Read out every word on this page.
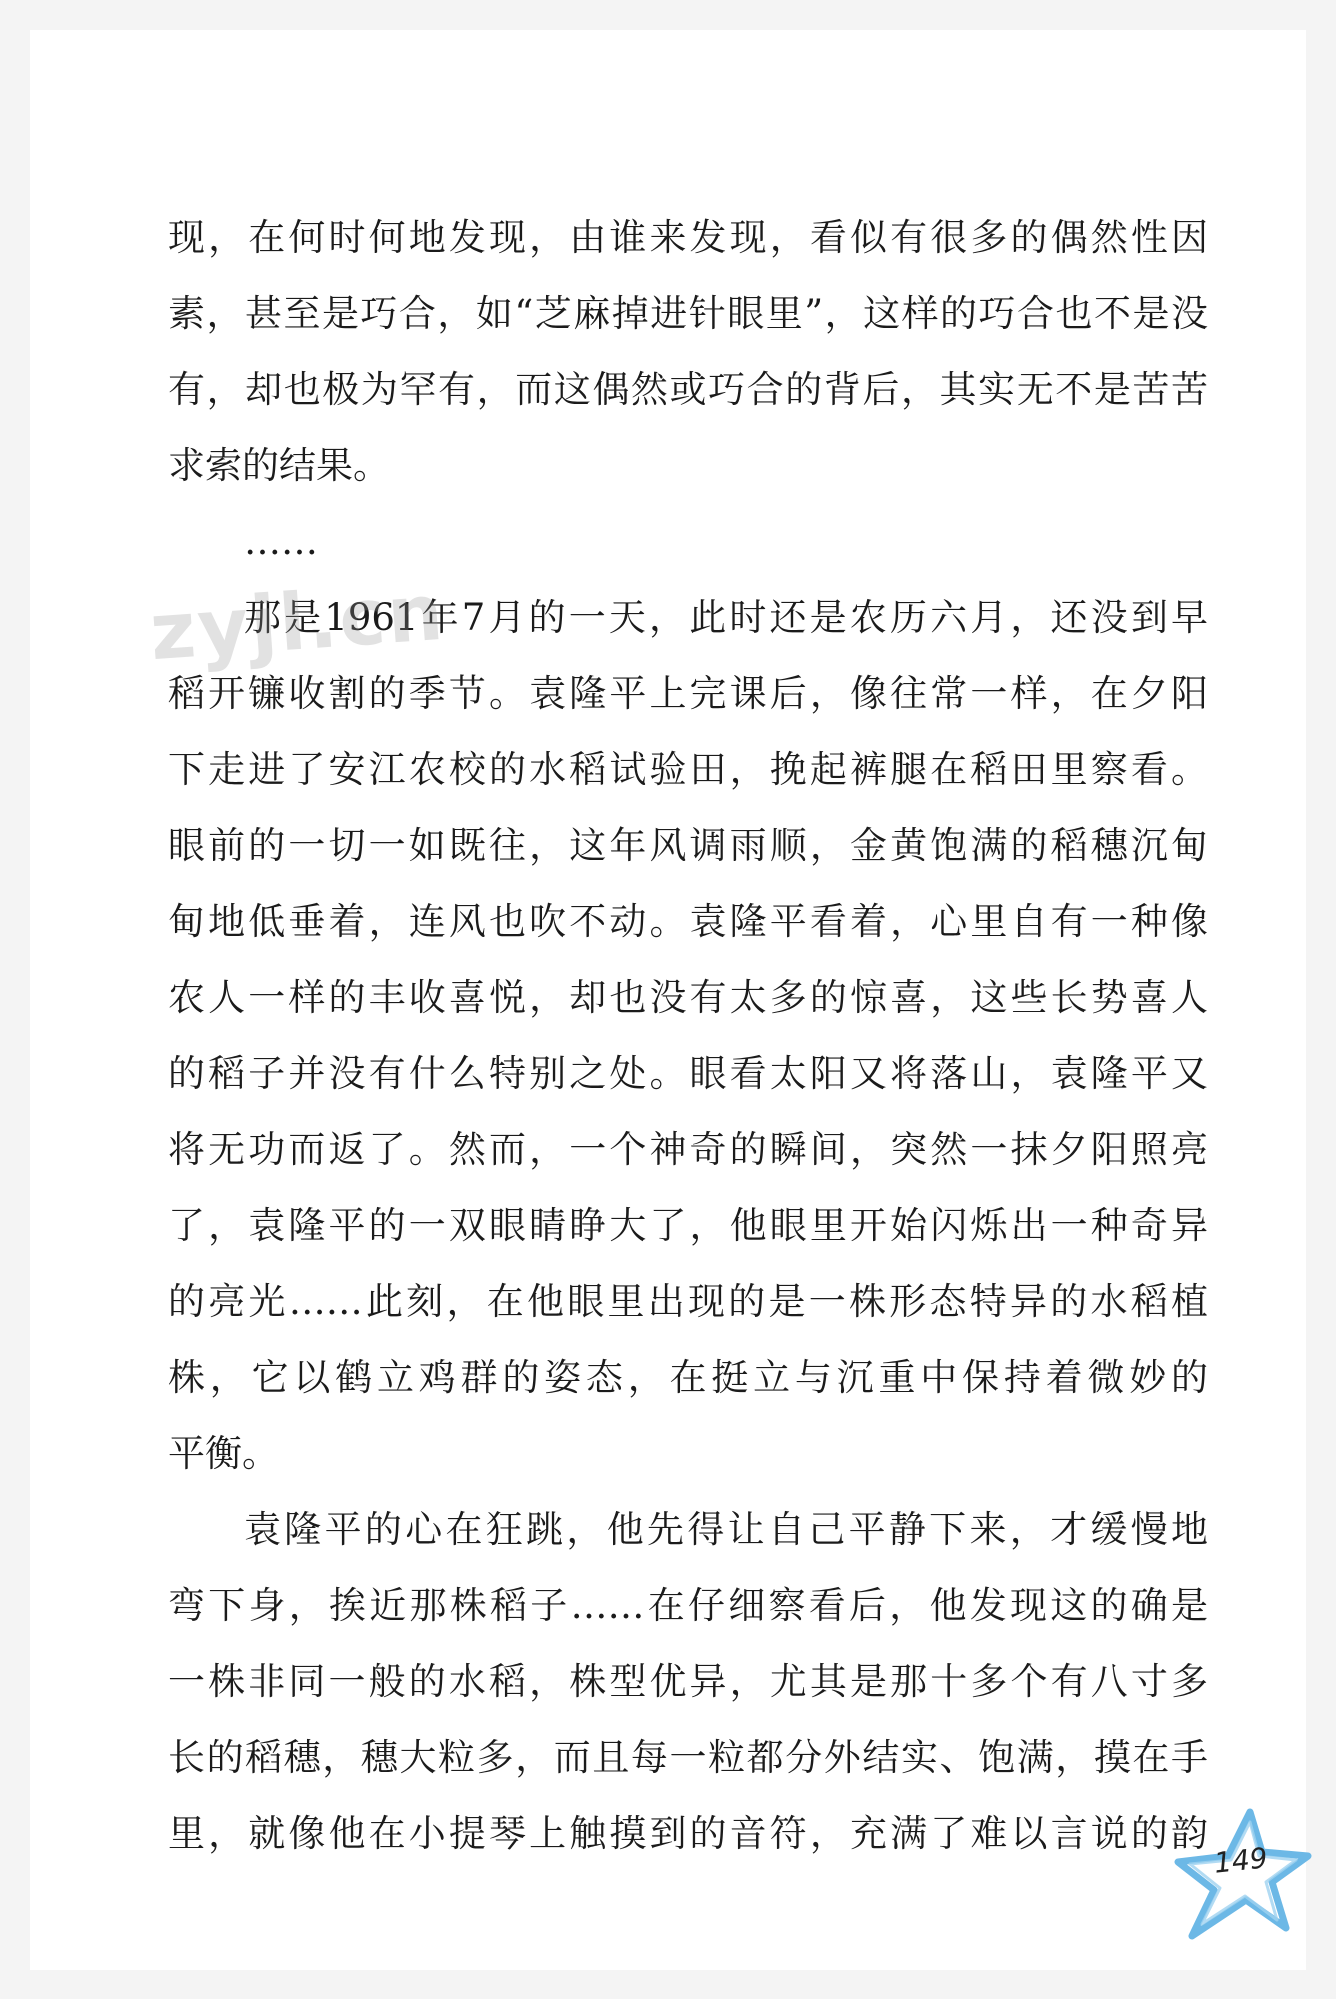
现，在何时何地发现，由谁来发现，看似有很多的偶然性因
素，甚至是巧合，如“芝麻掉进针眼里”，这样的巧合也不是没
有，却也极为罕有，而这偶然或巧合的背后，其实无不是苦苦
求索的结果。
……
那是1961年7月的一天，此时还是农历六月，还没到早
稻开镰收割的季节。袁隆平上完课后，像往常一样，在夕阳
下走进了安江农校的水稻试验田，挽起裤腿在稻田里察看。
眼前的一切一如既往，这年风调雨顺，金黄饱满的稻穗沉甸
甸地低垂着，连风也吹不动。袁隆平看着，心里自有一种像
农人一样的丰收喜悦，却也没有太多的惊喜，这些长势喜人
的稻子并没有什么特别之处。眼看太阳又将落山，袁隆平又
将无功而返了。然而，一个神奇的瞬间，突然一抹夕阳照亮
了，袁隆平的一双眼睛睁大了，他眼里开始闪烁出一种奇异
的亮光……此刻，在他眼里出现的是一株形态特异的水稻植
株，它以鹤立鸡群的姿态，在挺立与沉重中保持着微妙的
平衡。
袁隆平的心在狂跳，他先得让自己平静下来，才缓慢地
弯下身，挨近那株稻子……在仔细察看后，他发现这的确是
一株非同一般的水稻，株型优异，尤其是那十多个有八寸多
长的稻穗，穗大粒多，而且每一粒都分外结实、饱满，摸在手
里，就像他在小提琴上触摸到的音符，充满了难以言说的韵
zyjl.cn
149
